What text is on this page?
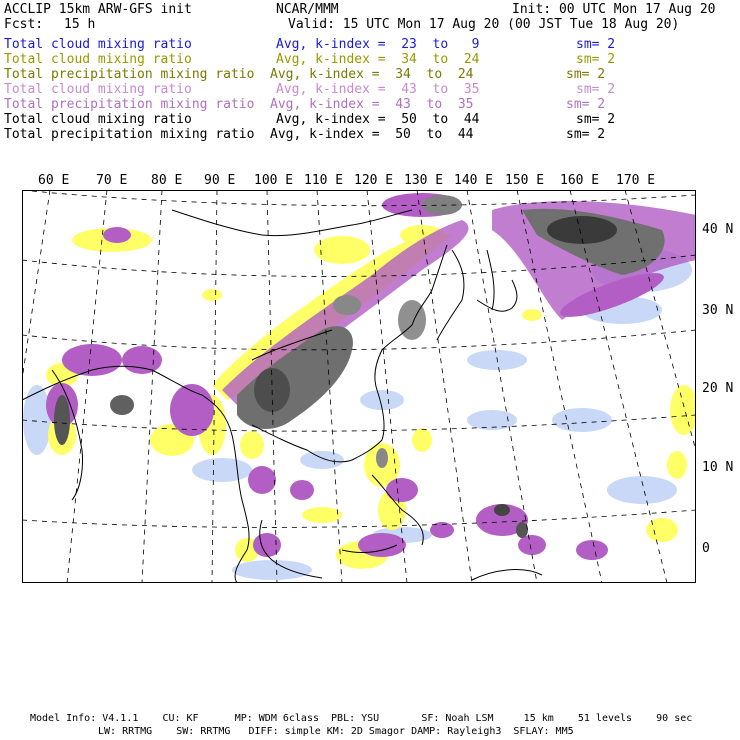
ACCLIP 15km ARW-GFS init	NCAR/MMM	Init: 00 UTC Mon 17 Aug 20
Fcst: 15 h	Valid: 15 UTC Mon 17 Aug 20 (00 JST Tue 18 Aug 20)
Total cloud mixing ratio	Avg, k-index =  23  to   9	sm= 2
Total cloud mixing ratio	Avg, k-index =  34  to  24	sm= 2
Total precipitation mixing ratio Avg, k-index =  34  to  24	sm= 2
Total cloud mixing ratio	Avg, k-index =  43  to  35	sm= 2
Total precipitation mixing ratio Avg, k-index =  43  to  35	sm= 2
Total cloud mixing ratio	Avg, k-index =  50  to  44	sm= 2
Total precipitation mixing ratio Avg, k-index =  50  to  44	sm= 2
60 E 70 E 80 E 90 E 100 E 110 E 120 E 130 E 140 E 150 E 160 E 170 E
40 N
30 N
20 N
10 N
0
Model Info: V4.1.1    CU: KF      MP: WDM 6class  PBL: YSU       SF: Noah LSM     15 km    51 levels    90 sec
LW: RRTMG    SW: RRTMG   DIFF: simple KM: 2D Smagor DAMP: Rayleigh3  SFLAY: MM5
